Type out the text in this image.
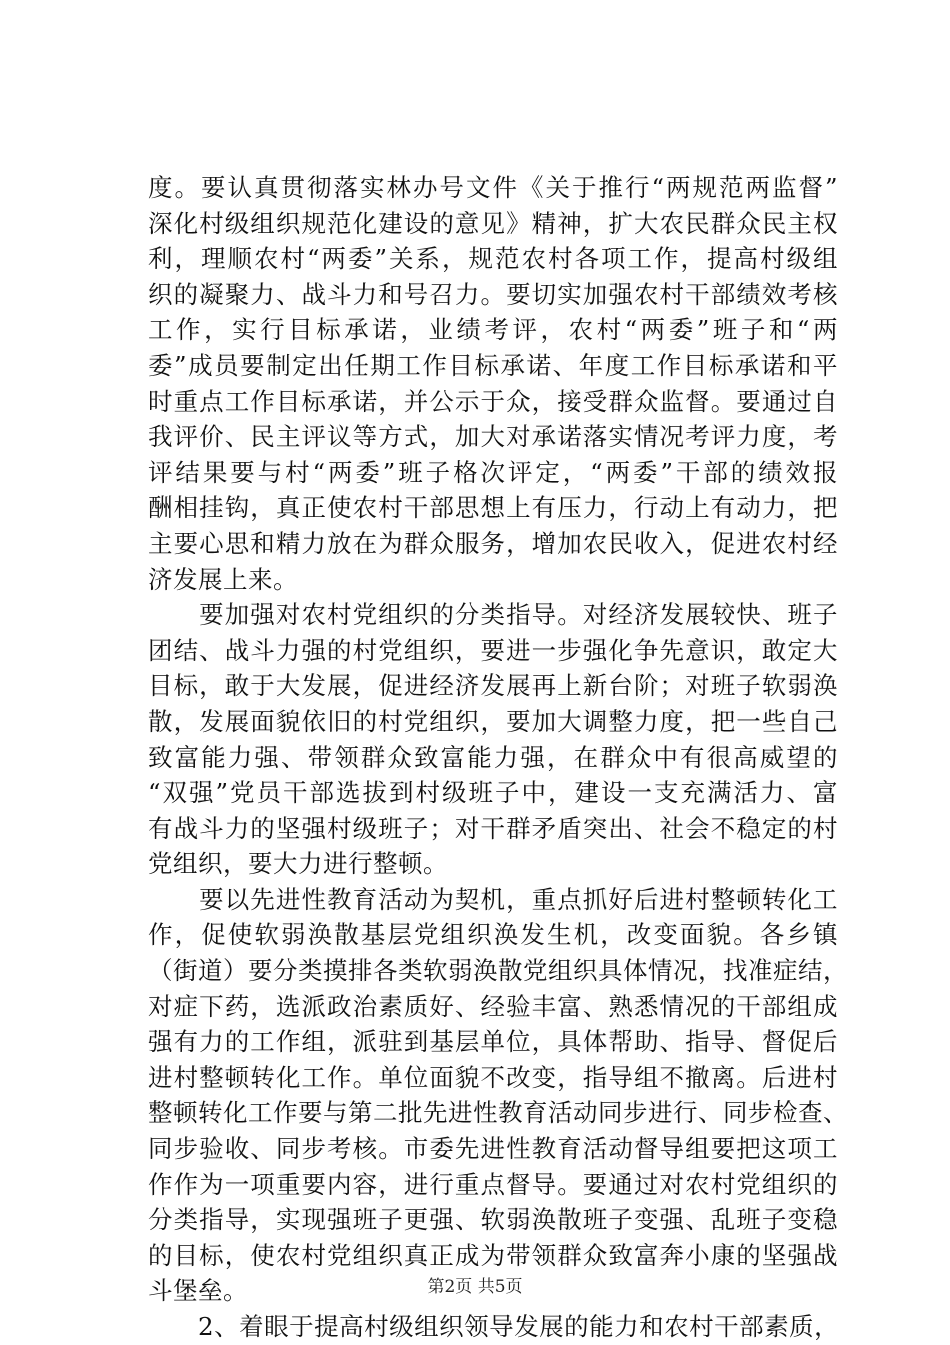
度。要认真贯彻落实林办号文件《关于推行“两规范两监督”
深化村级组织规范化建设的意见》精神，扩大农民群众民主权
利，理顺农村“两委”关系，规范农村各项工作，提高村级组
织的凝聚力、战斗力和号召力。要切实加强农村干部绩效考核
工作，实行目标承诺，业绩考评，农村“两委”班子和“两
委”成员要制定出任期工作目标承诺、年度工作目标承诺和平
时重点工作目标承诺，并公示于众，接受群众监督。要通过自
我评价、民主评议等方式，加大对承诺落实情况考评力度，考
评结果要与村“两委”班子格次评定，“两委”干部的绩效报
酬相挂钩，真正使农村干部思想上有压力，行动上有动力，把
主要心思和精力放在为群众服务，增加农民收入，促进农村经
济发展上来。
　　要加强对农村党组织的分类指导。对经济发展较快、班子
团结、战斗力强的村党组织，要进一步强化争先意识，敢定大
目标，敢于大发展，促进经济发展再上新台阶；对班子软弱涣
散，发展面貌依旧的村党组织，要加大调整力度，把一些自己
致富能力强、带领群众致富能力强，在群众中有很高威望的
“双强”党员干部选拔到村级班子中，建设一支充满活力、富
有战斗力的坚强村级班子；对干群矛盾突出、社会不稳定的村
党组织，要大力进行整顿。
　　要以先进性教育活动为契机，重点抓好后进村整顿转化工
作，促使软弱涣散基层党组织涣发生机，改变面貌。各乡镇
（街道）要分类摸排各类软弱涣散党组织具体情况，找准症结，
对症下药，选派政治素质好、经验丰富、熟悉情况的干部组成
强有力的工作组，派驻到基层单位，具体帮助、指导、督促后
进村整顿转化工作。单位面貌不改变，指导组不撤离。后进村
整顿转化工作要与第二批先进性教育活动同步进行、同步检查、
同步验收、同步考核。市委先进性教育活动督导组要把这项工
作作为一项重要内容，进行重点督导。要通过对农村党组织的
分类指导，实现强班子更强、软弱涣散班子变强、乱班子变稳
的目标，使农村党组织真正成为带领群众致富奔小康的坚强战
斗堡垒。
　　2、着眼于提高村级组织领导发展的能力和农村干部素质，
第2页 共5页
